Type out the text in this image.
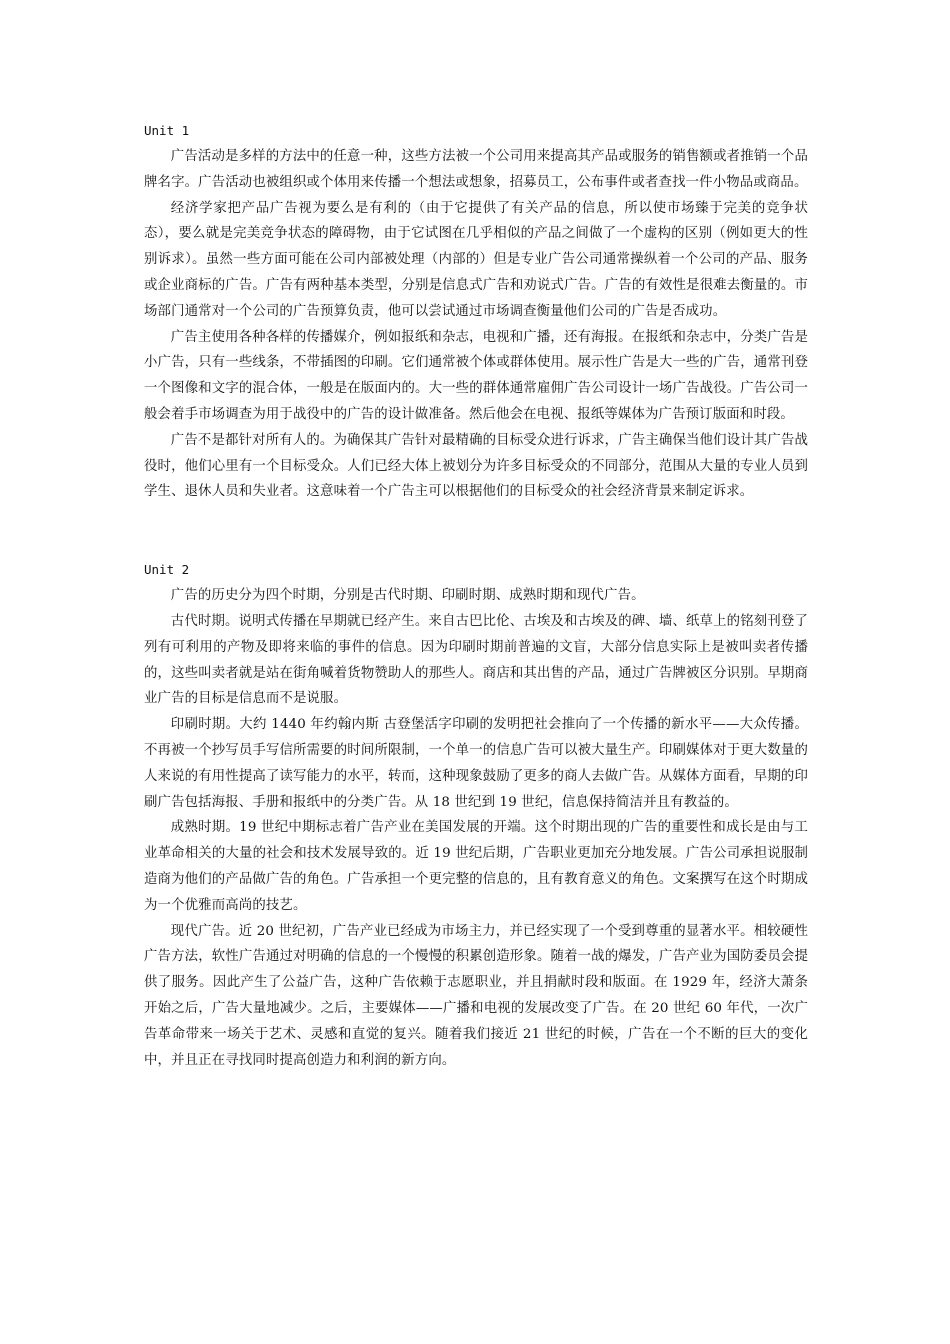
Unit 1

广告活动是多样的方法中的任意一种，这些方法被一个公司用来提高其产品或服务的销售额或者推销一个品牌名字。广告活动也被组织或个体用来传播一个想法或想象，招募员工，公布事件或者查找一件小物品或商品。

经济学家把产品广告视为要么是有利的（由于它提供了有关产品的信息，所以使市场臻于完美的竞争状态），要么就是完美竞争状态的障碍物，由于它试图在几乎相似的产品之间做了一个虚构的区别（例如更大的性别诉求）。虽然一些方面可能在公司内部被处理（内部的）但是专业广告公司通常操纵着一个公司的产品、服务或企业商标的广告。广告有两种基本类型，分别是信息式广告和劝说式广告。广告的有效性是很难去衡量的。市场部门通常对一个公司的广告预算负责，他可以尝试通过市场调查衡量他们公司的广告是否成功。

广告主使用各种各样的传播媒介，例如报纸和杂志，电视和广播，还有海报。在报纸和杂志中，分类广告是小广告，只有一些线条，不带插图的印刷。它们通常被个体或群体使用。展示性广告是大一些的广告，通常刊登一个图像和文字的混合体，一般是在版面内的。大一些的群体通常雇佣广告公司设计一场广告战役。广告公司一般会着手市场调查为用于战役中的广告的设计做准备。然后他会在电视、报纸等媒体为广告预订版面和时段。

广告不是都针对所有人的。为确保其广告针对最精确的目标受众进行诉求，广告主确保当他们设计其广告战役时，他们心里有一个目标受众。人们已经大体上被划分为许多目标受众的不同部分，范围从大量的专业人员到学生、退休人员和失业者。这意味着一个广告主可以根据他们的目标受众的社会经济背景来制定诉求。

Unit 2

广告的历史分为四个时期，分别是古代时期、印刷时期、成熟时期和现代广告。

古代时期。说明式传播在早期就已经产生。来自古巴比伦、古埃及和古埃及的碑、墙、纸草上的铭刻刊登了列有可利用的产物及即将来临的事件的信息。因为印刷时期前普遍的文盲，大部分信息实际上是被叫卖者传播的，这些叫卖者就是站在街角喊着货物赞助人的那些人。商店和其出售的产品，通过广告牌被区分识别。早期商业广告的目标是信息而不是说服。

印刷时期。大约 1440 年约翰内斯 古登堡活字印刷的发明把社会推向了一个传播的新水平——大众传播。不再被一个抄写员手写信所需要的时间所限制，一个单一的信息广告可以被大量生产。印刷媒体对于更大数量的人来说的有用性提高了读写能力的水平，转而，这种现象鼓励了更多的商人去做广告。从媒体方面看，早期的印刷广告包括海报、手册和报纸中的分类广告。从 18 世纪到 19 世纪，信息保持简洁并且有教益的。

成熟时期。19 世纪中期标志着广告产业在美国发展的开端。这个时期出现的广告的重要性和成长是由与工业革命相关的大量的社会和技术发展导致的。近 19 世纪后期，广告职业更加充分地发展。广告公司承担说服制造商为他们的产品做广告的角色。广告承担一个更完整的信息的，且有教育意义的角色。文案撰写在这个时期成为一个优雅而高尚的技艺。

现代广告。近 20 世纪初，广告产业已经成为市场主力，并已经实现了一个受到尊重的显著水平。相较硬性广告方法，软性广告通过对明确的信息的一个慢慢的积累创造形象。随着一战的爆发，广告产业为国防委员会提供了服务。因此产生了公益广告，这种广告依赖于志愿职业，并且捐献时段和版面。在 1929 年，经济大萧条开始之后，广告大量地减少。之后，主要媒体——广播和电视的发展改变了广告。在 20 世纪 60 年代，一次广告革命带来一场关于艺术、灵感和直觉的复兴。随着我们接近 21 世纪的时候，广告在一个不断的巨大的变化中，并且正在寻找同时提高创造力和利润的新方向。
